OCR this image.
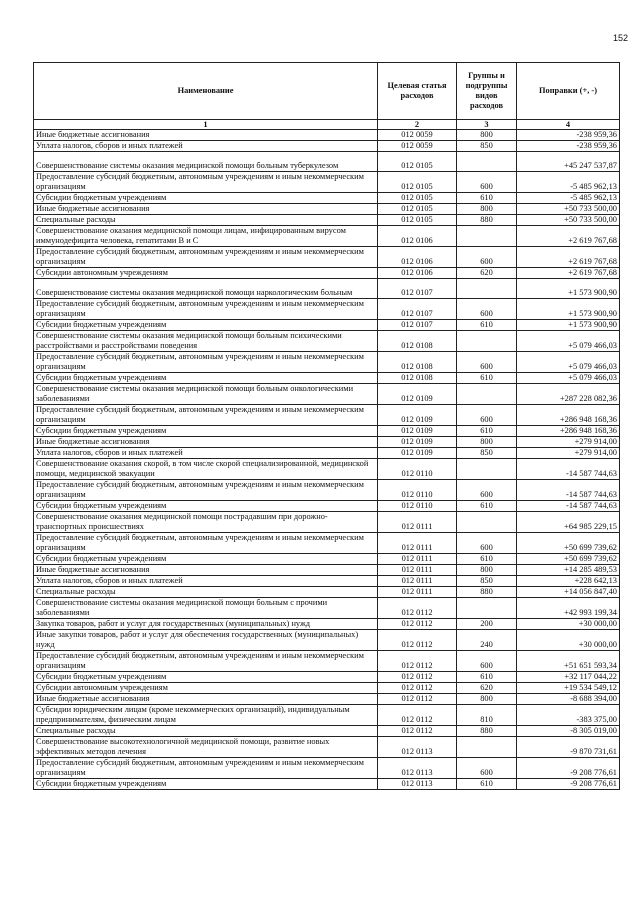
152
Наименование	Целевая статья расходов	Группы и подгруппы видов расходов	Поправки (+, -)
1	2	3	4
Иные бюджетные ассигнования	012 0059	800	-238 959,36
Уплата налогов, сборов и иных платежей	012 0059	850	-238 959,36
Совершенствование системы оказания медицинской помощи больным туберкулезом	012 0105		+45 247 537,87
Предоставление субсидий бюджетным, автономным учреждениям и иным некоммерческим организациям	012 0105	600	-5 485 962,13
Субсидии бюджетным учреждениям	012 0105	610	-5 485 962,13
Иные бюджетные ассигнования	012 0105	800	+50 733 500,00
Специальные расходы	012 0105	880	+50 733 500,00
Совершенствование оказания медицинской помощи лицам, инфицированным вирусом иммунодефицита человека, гепатитами B и C	012 0106		+2 619 767,68
Предоставление субсидий бюджетным, автономным учреждениям и иным некоммерческим организациям	012 0106	600	+2 619 767,68
Субсидии автономным учреждениям	012 0106	620	+2 619 767,68
Совершенствование системы оказания медицинской помощи наркологическим больным	012 0107		+1 573 900,90
Предоставление субсидий бюджетным, автономным учреждениям и иным некоммерческим организациям	012 0107	600	+1 573 900,90
Субсидии бюджетным учреждениям	012 0107	610	+1 573 900,90
Совершенствование системы оказания медицинской помощи больным психическими расстройствами и расстройствами поведения	012 0108		+5 079 466,03
Предоставление субсидий бюджетным, автономным учреждениям и иным некоммерческим организациям	012 0108	600	+5 079 466,03
Субсидии бюджетным учреждениям	012 0108	610	+5 079 466,03
Совершенствование системы оказания медицинской помощи больным онкологическими заболеваниями	012 0109		+287 228 082,36
Предоставление субсидий бюджетным, автономным учреждениям и иным некоммерческим организациям	012 0109	600	+286 948 168,36
Субсидии бюджетным учреждениям	012 0109	610	+286 948 168,36
Иные бюджетные ассигнования	012 0109	800	+279 914,00
Уплата налогов, сборов и иных платежей	012 0109	850	+279 914,00
Совершенствование оказания скорой, в том числе скорой специализированной, медицинской помощи, медицинской эвакуации	012 0110		-14 587 744,63
Предоставление субсидий бюджетным, автономным учреждениям и иным некоммерческим организациям	012 0110	600	-14 587 744,63
Субсидии бюджетным учреждениям	012 0110	610	-14 587 744,63
Совершенствование оказания медицинской помощи пострадавшим при дорожно-транспортных происшествиях	012 0111		+64 985 229,15
Предоставление субсидий бюджетным, автономным учреждениям и иным некоммерческим организациям	012 0111	600	+50 699 739,62
Субсидии бюджетным учреждениям	012 0111	610	+50 699 739,62
Иные бюджетные ассигнования	012 0111	800	+14 285 489,53
Уплата налогов, сборов и иных платежей	012 0111	850	+228 642,13
Специальные расходы	012 0111	880	+14 056 847,40
Совершенствование системы оказания медицинской помощи больным с прочими заболеваниями	012 0112		+42 993 199,34
Закупка товаров, работ и услуг для государственных (муниципальных) нужд	012 0112	200	+30 000,00
Иные закупки товаров, работ и услуг для обеспечения государственных (муниципальных) нужд	012 0112	240	+30 000,00
Предоставление субсидий бюджетным, автономным учреждениям и иным некоммерческим организациям	012 0112	600	+51 651 593,34
Субсидии бюджетным учреждениям	012 0112	610	+32 117 044,22
Субсидии автономным учреждениям	012 0112	620	+19 534 549,12
Иные бюджетные ассигнования	012 0112	800	-8 688 394,00
Субсидии юридическим лицам (кроме некоммерческих организаций), индивидуальным предпринимателям, физическим лицам	012 0112	810	-383 375,00
Специальные расходы	012 0112	880	-8 305 019,00
Совершенствование высокотехнологичной медицинской помощи, развитие новых эффективных методов лечения	012 0113		-9 870 731,61
Предоставление субсидий бюджетным, автономным учреждениям и иным некоммерческим организациям	012 0113	600	-9 208 776,61
Субсидии бюджетным учреждениям	012 0113	610	-9 208 776,61
